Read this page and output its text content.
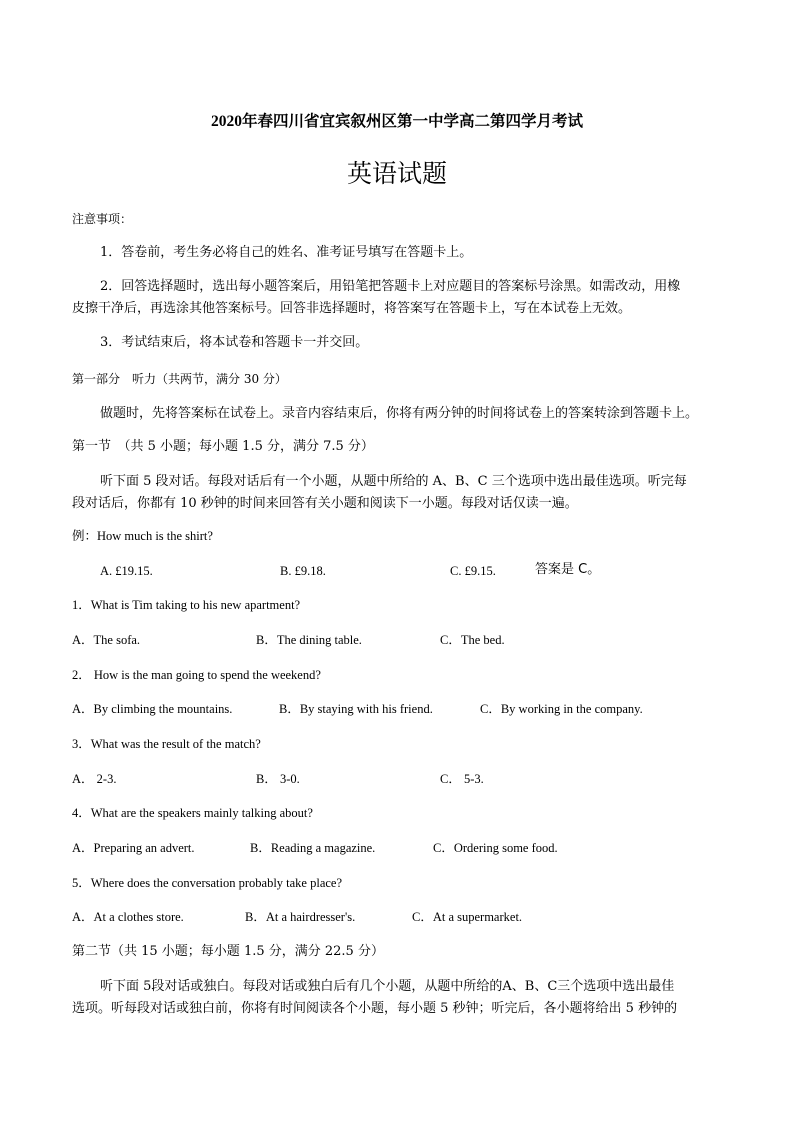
2020年春四川省宜宾叙州区第一中学高二第四学月考试
英语试题
注意事项：
1．答卷前，考生务必将自己的姓名、准考证号填写在答题卡上。
2．回答选择题时，选出每小题答案后，用铅笔把答题卡上对应题目的答案标号涂黑。如需改动，用橡
皮擦干净后，再选涂其他答案标号。回答非选择题时，将答案写在答题卡上，写在本试卷上无效。
3．考试结束后，将本试卷和答题卡一并交回。
第一部分　听力（共两节，满分 30 分）
做题时，先将答案标在试卷上。录音内容结束后，你将有两分钟的时间将试卷上的答案转涂到答题卡上。
第一节　（共 5 小题；每小题 1.5 分，满分 7.5 分）
听下面 5 段对话。每段对话后有一个小题，从题中所给的 A、B、C 三个选项中选出最佳选项。听完每
段对话后，你都有 10 秒钟的时间来回答有关小题和阅读下一小题。每段对话仅读一遍。
例：How much is the shirt?
A. £19.15.	B. £9.18.	C. £9.15.	答案是 C。
1．What is Tim taking to his new apartment?
A．The sofa.	B．The dining table.	C．The bed.
2． How is the man going to spend the weekend?
A．By climbing the mountains.	B．By staying with his friend.	C．By working in the company.
3．What was the result of the match?
A． 2-3.	B． 3-0.	C． 5-3.
4．What are the speakers mainly talking about?
A．Preparing an advert.	B．Reading a magazine.	C．Ordering some food.
5．Where does the conversation probably take place?
A．At a clothes store.	B．At a hairdresser's.	C．At a supermarket.
第二节（共 15 小题；每小题 1.5 分，满分 22.5 分）
听下面 5段对话或独白。每段对话或独白后有几个小题，从题中所给的A、B、C三个选项中选出最佳
选项。听每段对话或独白前，你将有时间阅读各个小题，每小题 5 秒钟；听完后，各小题将给出 5 秒钟的
